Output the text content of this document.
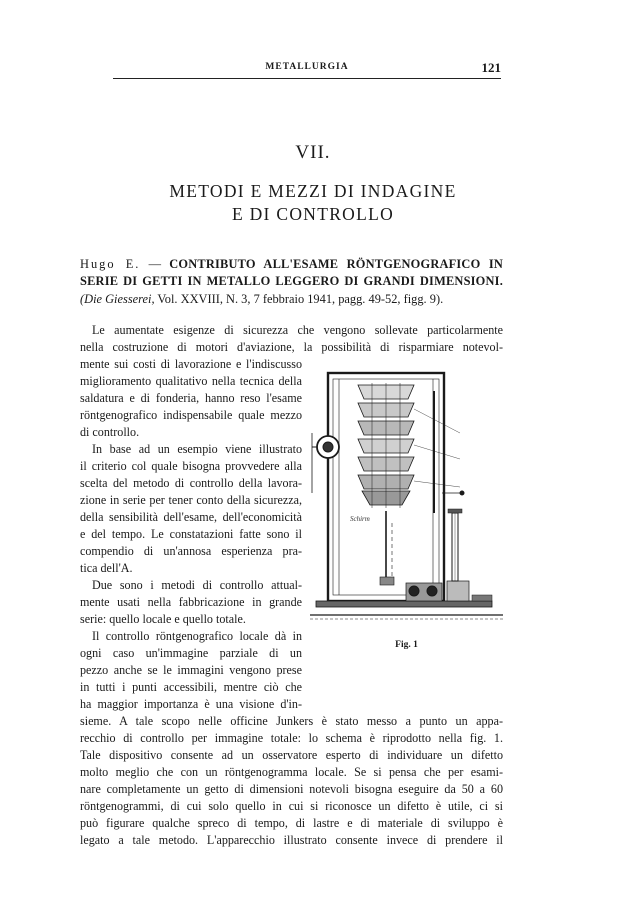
METALLURGIA	121
VII.
METODI E MEZZI DI INDAGINE
E DI CONTROLLO
Hugo E. — CONTRIBUTO ALL'ESAME RÖNTGENOGRAFICO IN SERIE DI GETTI IN METALLO LEGGERO DI GRANDI DIMENSIONI. (Die Giesserei, Vol. XXVIII, N. 3, 7 febbraio 1941, pagg. 49-52, figg. 9).
Le aumentate esigenze di sicurezza che vengono sollevate particolarmente
nella costruzione di motori d'aviazione, la possibilità di risparmiare notevol-
mente sui costi di lavorazione e l'indiscusso
miglioramento qualitativo nella tecnica della
saldatura e di fonderia, hanno reso l'esame
röntgenografico indispensabile quale mezzo
di controllo.
In base ad un esempio viene illustrato
il criterio col quale bisogna provvedere alla
scelta del metodo di controllo della lavora-
zione in serie per tener conto della sicurezza,
della sensibilità dell'esame, dell'economicità
e del tempo. Le constatazioni fatte sono il
compendio di un'annosa esperienza pra-
tica dell'A.
Due sono i metodi di controllo attual-
mente usati nella fabbricazione in grande
serie: quello locale e quello totale.
Il controllo röntgenografico locale dà in
ogni caso un'immagine parziale di un
pezzo anche se le immagini vengono prese
in tutti i punti accessibili, mentre ciò che
ha maggior importanza è una visione d'in-
sieme. A tale scopo nelle officine Junkers è stato messo a punto un appa-
recchio di controllo per immagine totale: lo schema è riprodotto nella fig. 1.
Tale dispositivo consente ad un osservatore esperto di individuare un difetto
molto meglio che con un röntgenogramma locale. Se si pensa che per esami-
nare completamente un getto di dimensioni notevoli bisogna eseguire da 50 a 60
röntgenogrammi, di cui solo quello in cui si riconosce un difetto è utile, ci si
può figurare qualche spreco di tempo, di lastre e di materiale di sviluppo è
legato a tale metodo. L'apparecchio illustrato consente invece di prendere il
Schirm
Fig. 1
